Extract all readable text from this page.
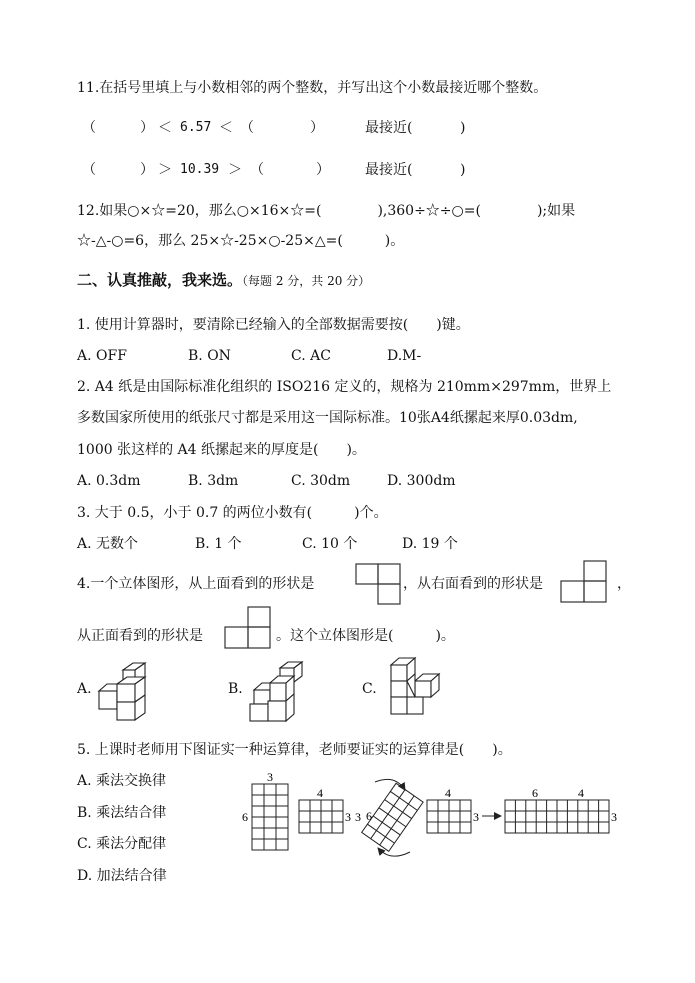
11.在括号里填上与小数相邻的两个整数，并写出这个小数最接近哪个整数。
（	） ＜ 6.57 ＜ （	）	最接近(	)
（	） ＞ 10.39 ＞ （	）	最接近(	)
12.如果○×☆=20，那么○×16×☆=(　　　　),360÷☆÷○=(　　　　);如果
☆-△-○=6，那么 25×☆-25×○-25×△=(　　　)。
二、认真推敲，我来选。（每题 2 分，共 20 分）
1. 使用计算器时，要清除已经输入的全部数据需要按(　　)键。
A. OFF	B. ON	C. AC	D.M-
2. A4 纸是由国际标准化组织的 ISO216 定义的，规格为 210mm×297mm，世界上
多数国家所使用的纸张尺寸都是采用这一国际标准。10张A4纸摞起来厚0.03dm,
1000 张这样的 A4 纸摞起来的厚度是(　　)。
A. 0.3dm	B. 3dm	C. 30dm	D. 300dm
3. 大于 0.5，小于 0.7 的两位小数有(　　　)个。
A. 无数个	B. 1 个	C. 10 个	D. 19 个
4.一个立体图形，从上面看到的形状是	，从右面看到的形状是	，
从正面看到的形状是	。这个立体图形是(　　　)。
A.	B.	C.
5. 上课时老师用下图证实一种运算律，老师要证实的运算律是(　　)。
A. 乘法交换律
B. 乘法结合律
C. 乘法分配律
D. 加法结合律
3
6
4
3 6
3
4
3
6	4
3
